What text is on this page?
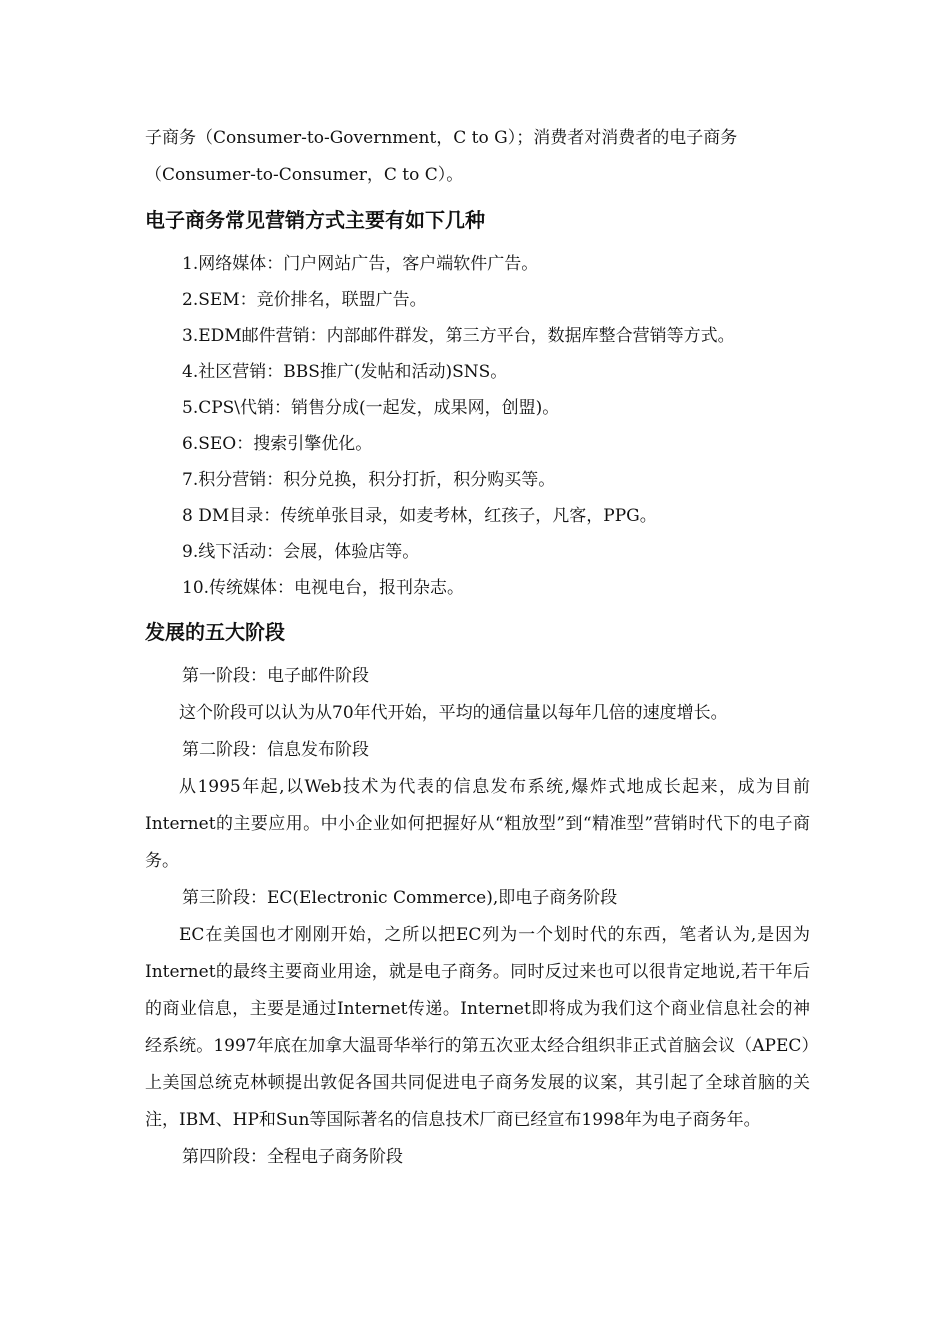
子商务（Consumer-to-Government，C to G）；消费者对消费者的电子商务
（Consumer-to-Consumer，C to C）。
电子商务常见营销方式主要有如下几种
1.网络媒体：门户网站广告，客户端软件广告。
2.SEM：竞价排名，联盟广告。
3.EDM邮件营销：内部邮件群发，第三方平台，数据库整合营销等方式。
4.社区营销：BBS推广(发帖和活动)SNS。
5.CPS\代销：销售分成(一起发，成果网，创盟)。
6.SEO：搜索引擎优化。
7.积分营销：积分兑换，积分打折，积分购买等。
8 DM目录：传统单张目录，如麦考林，红孩子，凡客，PPG。
9.线下活动：会展，体验店等。
10.传统媒体：电视电台，报刊杂志。
发展的五大阶段
第一阶段：电子邮件阶段

这个阶段可以认为从70年代开始，平均的通信量以每年几倍的速度增长。

第二阶段：信息发布阶段

从1995年起,以Web技术为代表的信息发布系统,爆炸式地成长起来，成为目前Internet的主要应用。中小企业如何把握好从“粗放型”到“精准型”营销时代下的电子商务。

第三阶段：EC(Electronic Commerce),即电子商务阶段

EC在美国也才刚刚开始，之所以把EC列为一个划时代的东西，笔者认为,是因为Internet的最终主要商业用途，就是电子商务。同时反过来也可以很肯定地说,若干年后的商业信息，主要是通过Internet传递。Internet即将成为我们这个商业信息社会的神经系统。1997年底在加拿大温哥华举行的第五次亚太经合组织非正式首脑会议（APEC）上美国总统克林顿提出敦促各国共同促进电子商务发展的议案，其引起了全球首脑的关注，IBM、HP和Sun等国际著名的信息技术厂商已经宣布1998年为电子商务年。

第四阶段：全程电子商务阶段
